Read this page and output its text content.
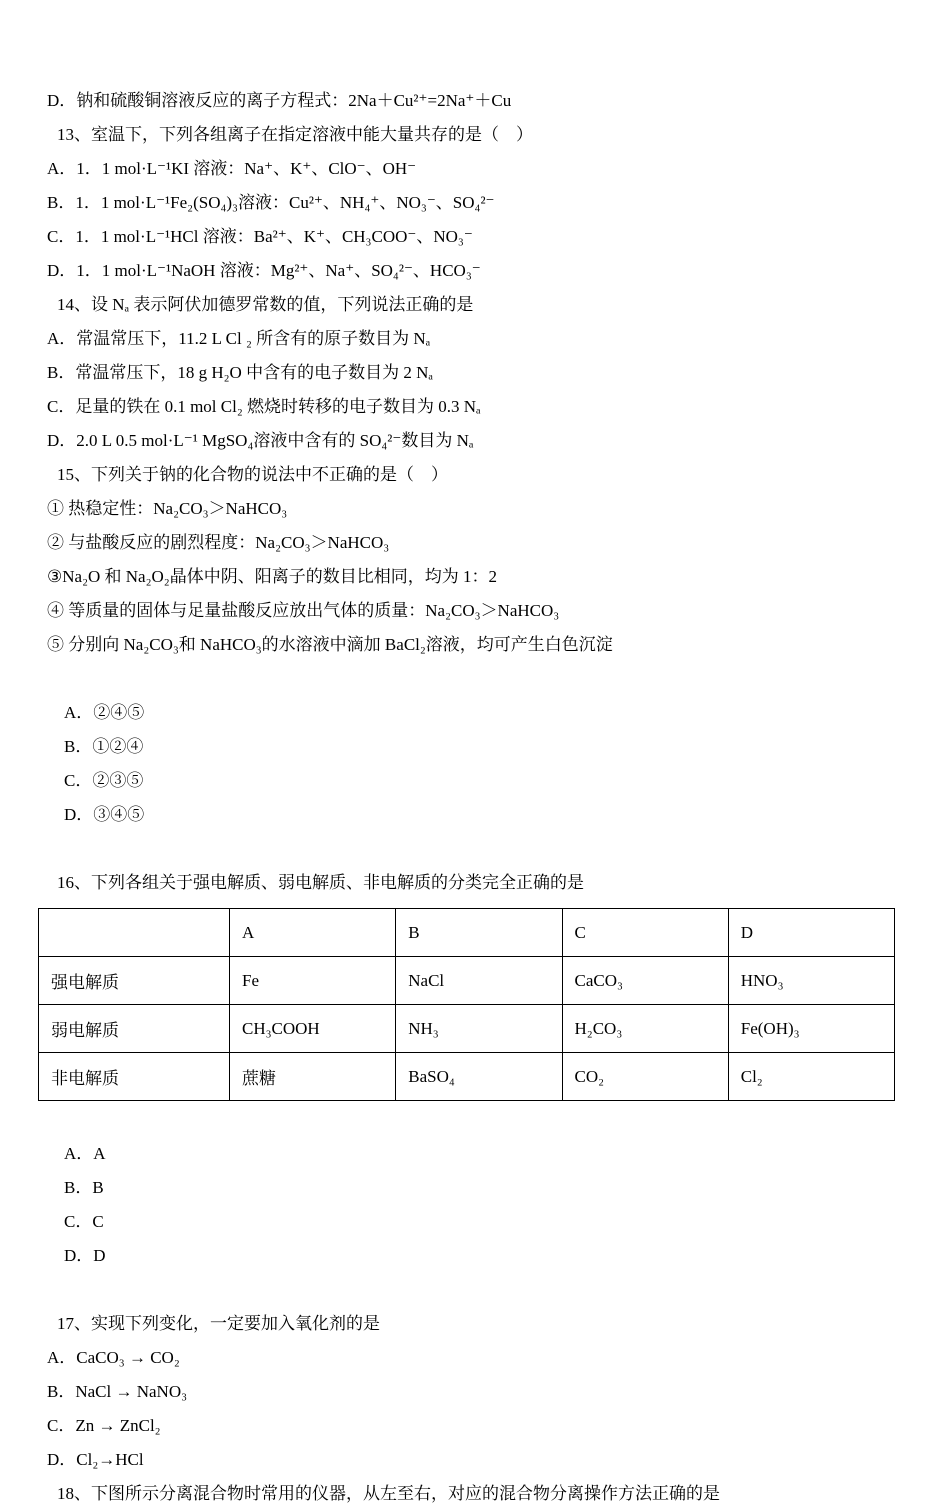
D．钠和硫酸铜溶液反应的离子方程式：2Na＋Cu²⁺=2Na⁺＋Cu
13、室温下，下列各组离子在指定溶液中能大量共存的是（　）
A．1．1 mol·L⁻¹KI 溶液：Na⁺、K⁺、ClO⁻、OH⁻
B．1．1 mol·L⁻¹Fe₂(SO₄)₃溶液：Cu²⁺、NH₄⁺、NO₃⁻、SO₄²⁻
C．1．1 mol·L⁻¹HCl 溶液：Ba²⁺、K⁺、CH₃COO⁻、NO₃⁻
D．1．1 mol·L⁻¹NaOH 溶液：Mg²⁺、Na⁺、SO₄²⁻、HCO₃⁻
14、设 Nₐ 表示阿伏加德罗常数的值，下列说法正确的是
A．常温常压下，11.2 L Cl ₂ 所含有的原子数目为 Nₐ
B．常温常压下，18 g H₂O 中含有的电子数目为 2 Nₐ
C．足量的铁在 0.1 mol Cl₂ 燃烧时转移的电子数目为 0.3 Nₐ
D．2.0 L 0.5 mol·L⁻¹ MgSO₄溶液中含有的 SO₄²⁻数目为 Nₐ
15、下列关于钠的化合物的说法中不正确的是（　）
① 热稳定性：Na₂CO₃＞NaHCO₃
② 与盐酸反应的剧烈程度：Na₂CO₃＞NaHCO₃
③Na₂O 和 Na₂O₂晶体中阴、阳离子的数目比相同，均为 1：2
④ 等质量的固体与足量盐酸反应放出气体的质量：Na₂CO₃＞NaHCO₃
⑤ 分别向 Na₂CO₃和 NaHCO₃的水溶液中滴加 BaCl₂溶液，均可产生白色沉淀

A．②④⑤
B．①②④
C．②③⑤
D．③④⑤

16、下列各组关于强电解质、弱电解质、非电解质的分类完全正确的是
	A	B	C	D
强电解质	Fe	NaCl	CaCO₃	HNO₃
弱电解质	CH₃COOH	NH₃	H₂CO₃	Fe(OH)₃
非电解质	蔗糖	BaSO₄	CO₂	Cl₂

A．A
B．B
C．C
D．D

17、实现下列变化，一定要加入氧化剂的是
A．CaCO₃ → CO₂
B．NaCl → NaNO₃
C．Zn → ZnCl₂
D．Cl₂→HCl
18、下图所示分离混合物时常用的仪器，从左至右，对应的混合物分离操作方法正确的是
